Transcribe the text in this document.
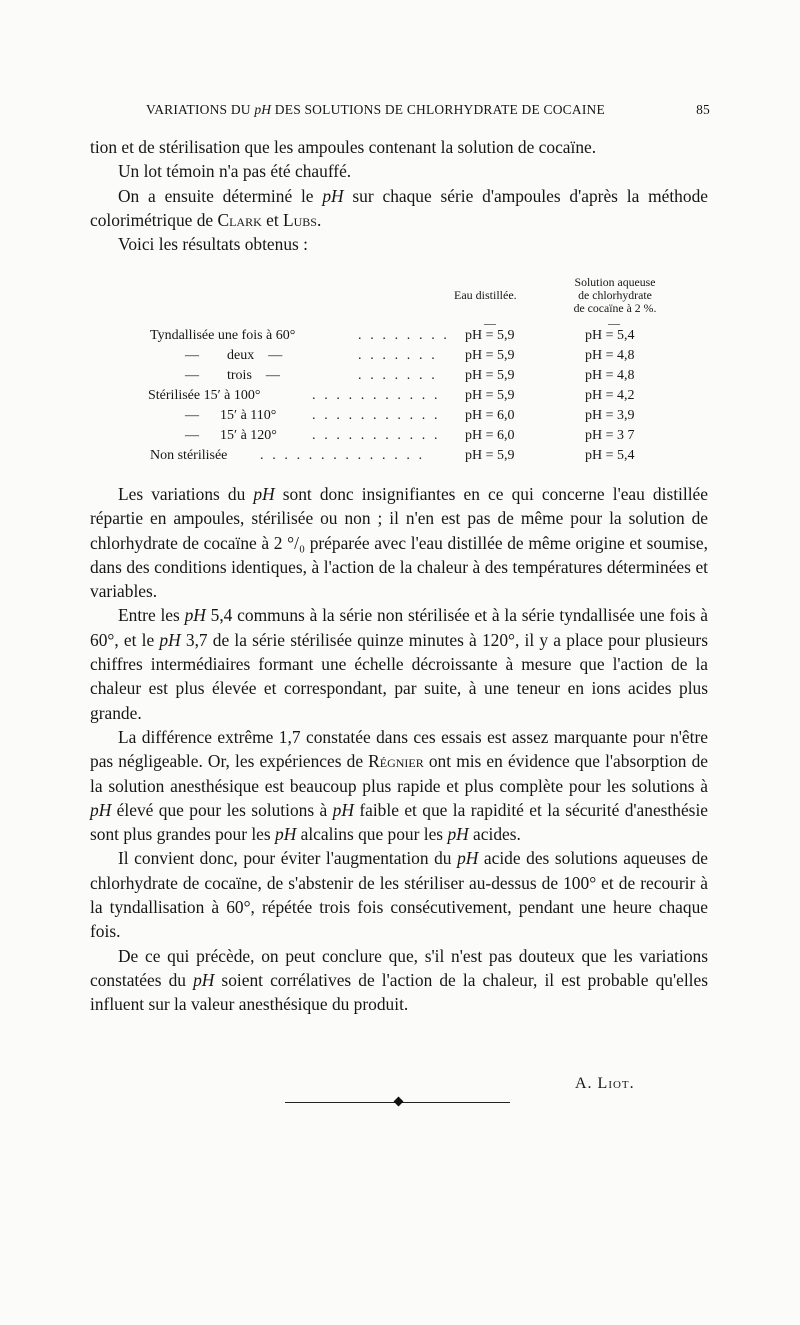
VARIATIONS DU pH DES SOLUTIONS DE CHLORHYDRATE DE COCAINE	85

tion et de stérilisation que les ampoules contenant la solution de cocaïne.

Un lot témoin n'a pas été chauffé.

On a ensuite déterminé le pH sur chaque série d'ampoules d'après la méthode colorimétrique de Clark et Lubs.

Voici les résultats obtenus :

Eau distillée.
Solution aqueuse
de chlorhydrate
de cocaïne à 2 %.
—	—
Tyndallisée une fois à 60°	. . . . . . . . pH = 5,9	pH = 5,4
—        deux    —	. . . . . . . pH = 5,9	pH = 4,8
—        trois    —	. . . . . . . pH = 5,9	pH = 4,8
Stérilisée 15′ à 100°	. . . . . . . . . . . pH = 5,9	pH = 4,2
—      15′ à 110°	. . . . . . . . . . . pH = 6,0	pH = 3,9
—      15′ à 120°	. . . . . . . . . . . pH = 6,0	pH = 3 7
Non stérilisée . . . . . . . . . . . . . .	pH = 5,9	pH = 5,4

Les variations du pH sont donc insignifiantes en ce qui concerne l'eau distillée répartie en ampoules, stérilisée ou non ; il n'en est pas de même pour la solution de chlorhydrate de cocaïne à 2 °/₀ préparée avec l'eau distillée de même origine et soumise, dans des conditions identiques, à l'action de la chaleur à des températures déterminées et variables.

Entre les pH 5,4 communs à la série non stérilisée et à la série tyndallisée une fois à 60°, et le pH 3,7 de la série stérilisée quinze minutes à 120°, il y a place pour plusieurs chiffres intermédiaires formant une échelle décroissante à mesure que l'action de la chaleur est plus élevée et correspondant, par suite, à une teneur en ions acides plus grande.

La différence extrême 1,7 constatée dans ces essais est assez marquante pour n'être pas négligeable. Or, les expériences de Régnier ont mis en évidence que l'absorption de la solution anesthésique est beaucoup plus rapide et plus complète pour les solutions à pH élevé que pour les solutions à pH faible et que la rapidité et la sécurité d'anesthésie sont plus grandes pour les pH alcalins que pour les pH acides.

Il convient donc, pour éviter l'augmentation du pH acide des solutions aqueuses de chlorhydrate de cocaïne, de s'abstenir de les stériliser au-dessus de 100° et de recourir à la tyndallisation à 60°, répétée trois fois consécutivement, pendant une heure chaque fois.

De ce qui précède, on peut conclure que, s'il n'est pas douteux que les variations constatées du pH soient corrélatives de l'action de la chaleur, il est probable qu'elles influent sur la valeur anesthésique du produit.

A. Liot.
